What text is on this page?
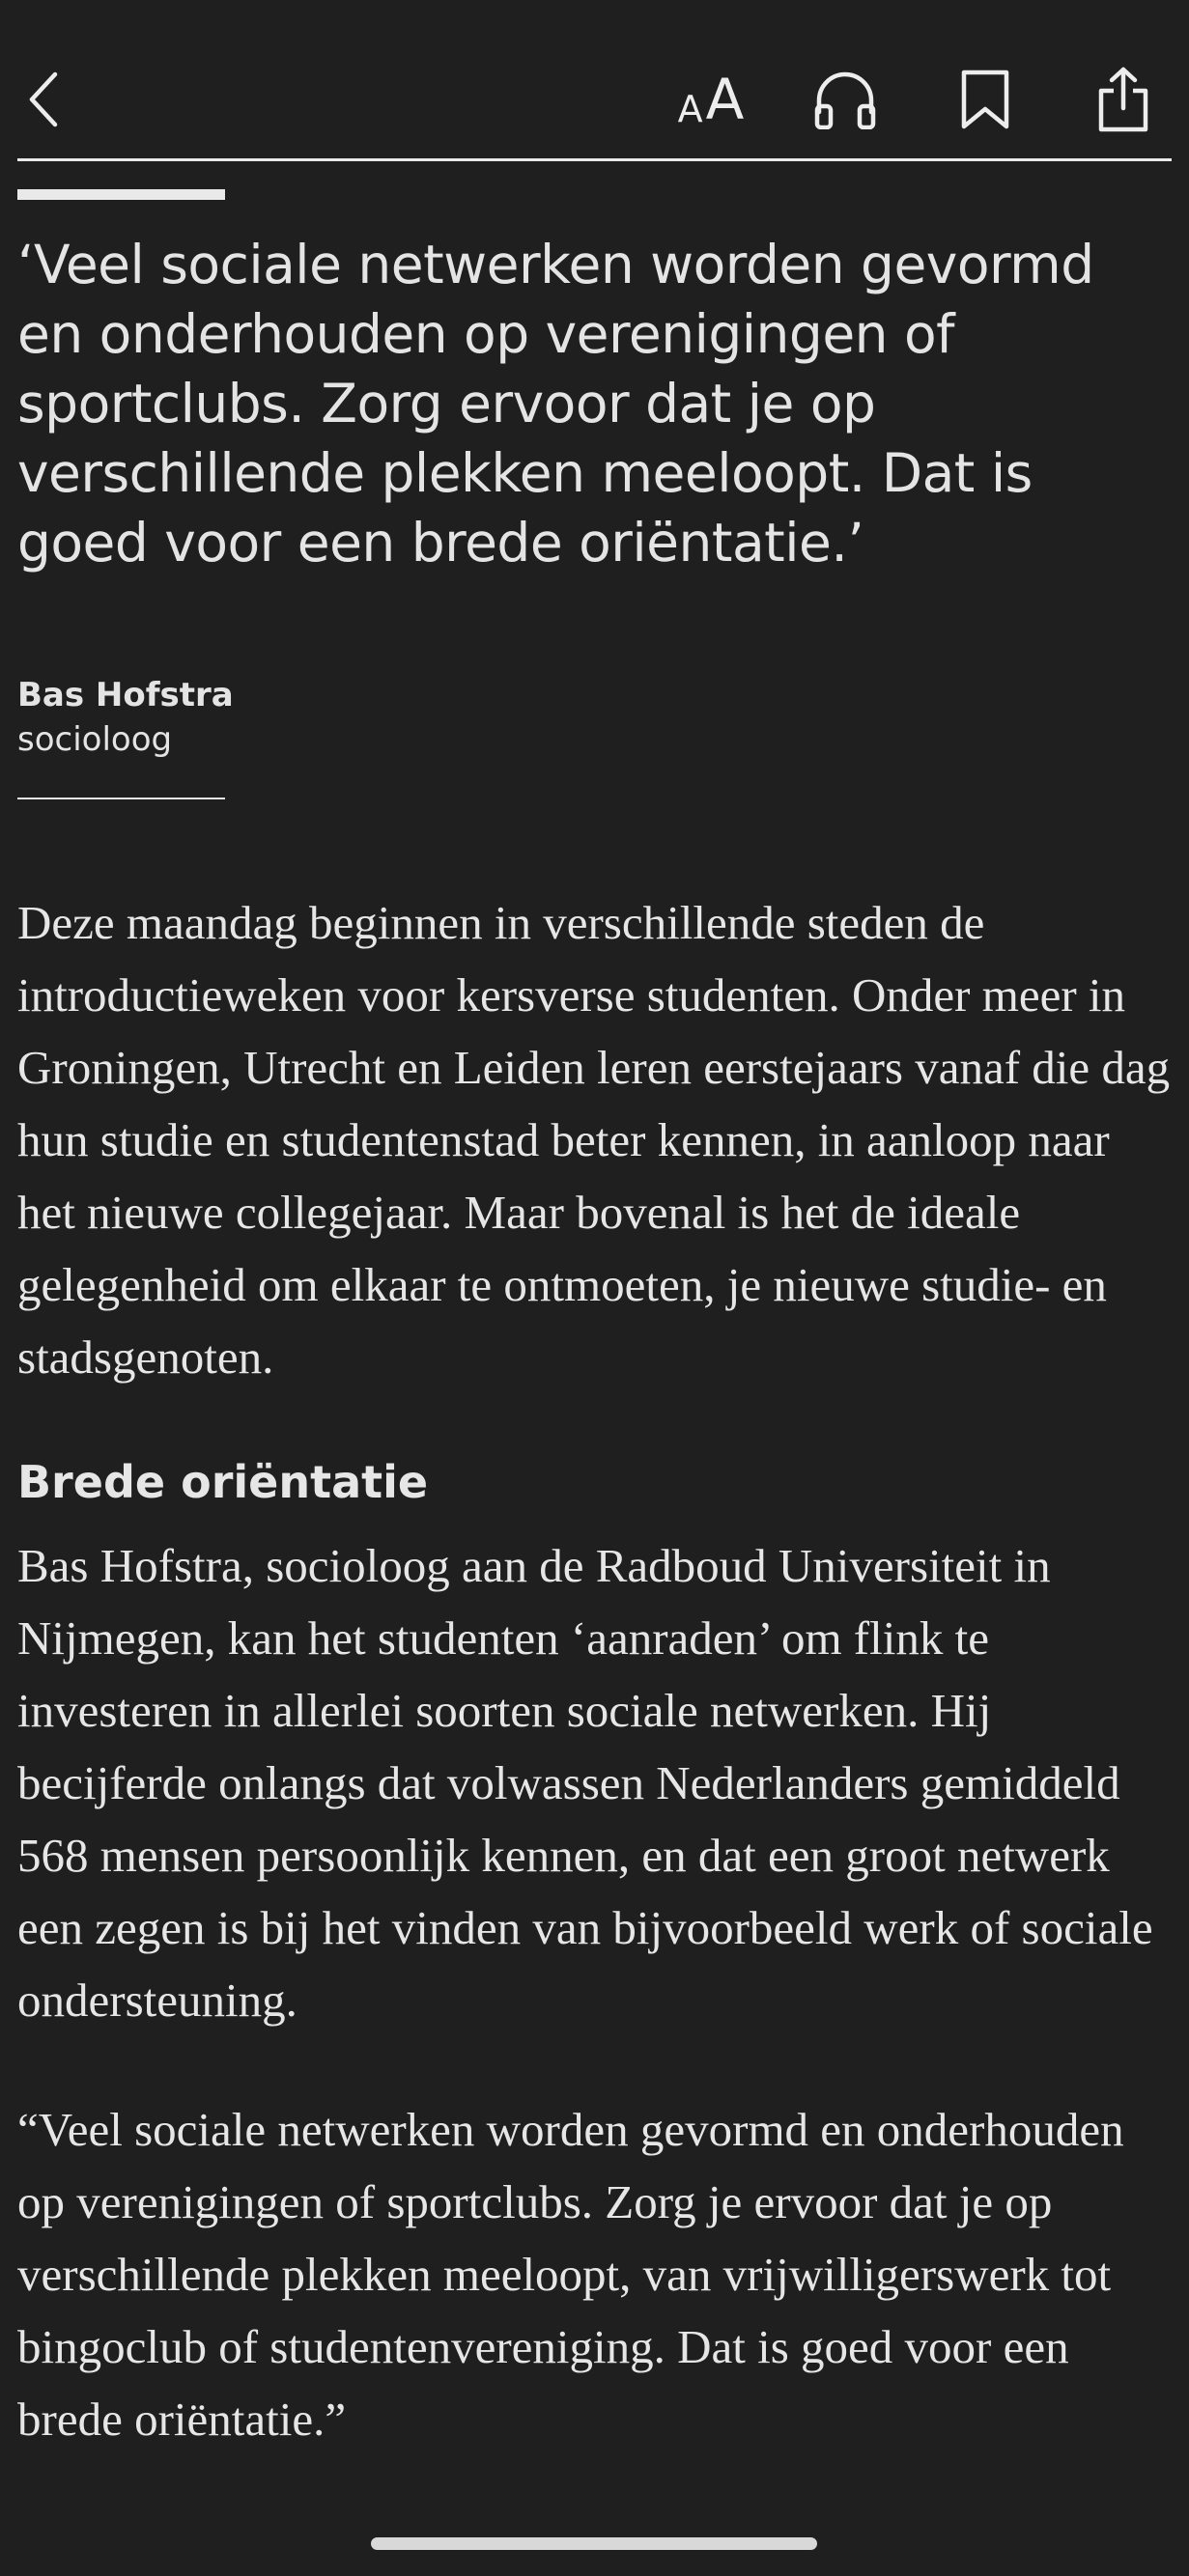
A A

‘Veel sociale netwerken worden gevormd en onderhouden op verenigingen of sportclubs. Zorg ervoor dat je op verschillende plekken meeloopt. Dat is goed voor een brede oriëntatie.’

Bas Hofstra
socioloog

Deze maandag beginnen in verschillende steden de introductieweken voor kersverse studenten. Onder meer in Groningen, Utrecht en Leiden leren eerstejaars vanaf die dag hun studie en studentenstad beter kennen, in aanloop naar het nieuwe collegejaar. Maar bovenal is het de ideale gelegenheid om elkaar te ontmoeten, je nieuwe studie- en stadsgenoten.

Brede oriëntatie

Bas Hofstra, socioloog aan de Radboud Universiteit in Nijmegen, kan het studenten ‘aanraden’ om flink te investeren in allerlei soorten sociale netwerken. Hij becijferde onlangs dat volwassen Nederlanders gemiddeld 568 mensen persoonlijk kennen, en dat een groot netwerk een zegen is bij het vinden van bijvoorbeeld werk of sociale ondersteuning.

“Veel sociale netwerken worden gevormd en onderhouden op verenigingen of sportclubs. Zorg je ervoor dat je op verschillende plekken meeloopt, van vrijwilligerswerk tot bingoclub of studentenvereniging. Dat is goed voor een brede oriëntatie.”
